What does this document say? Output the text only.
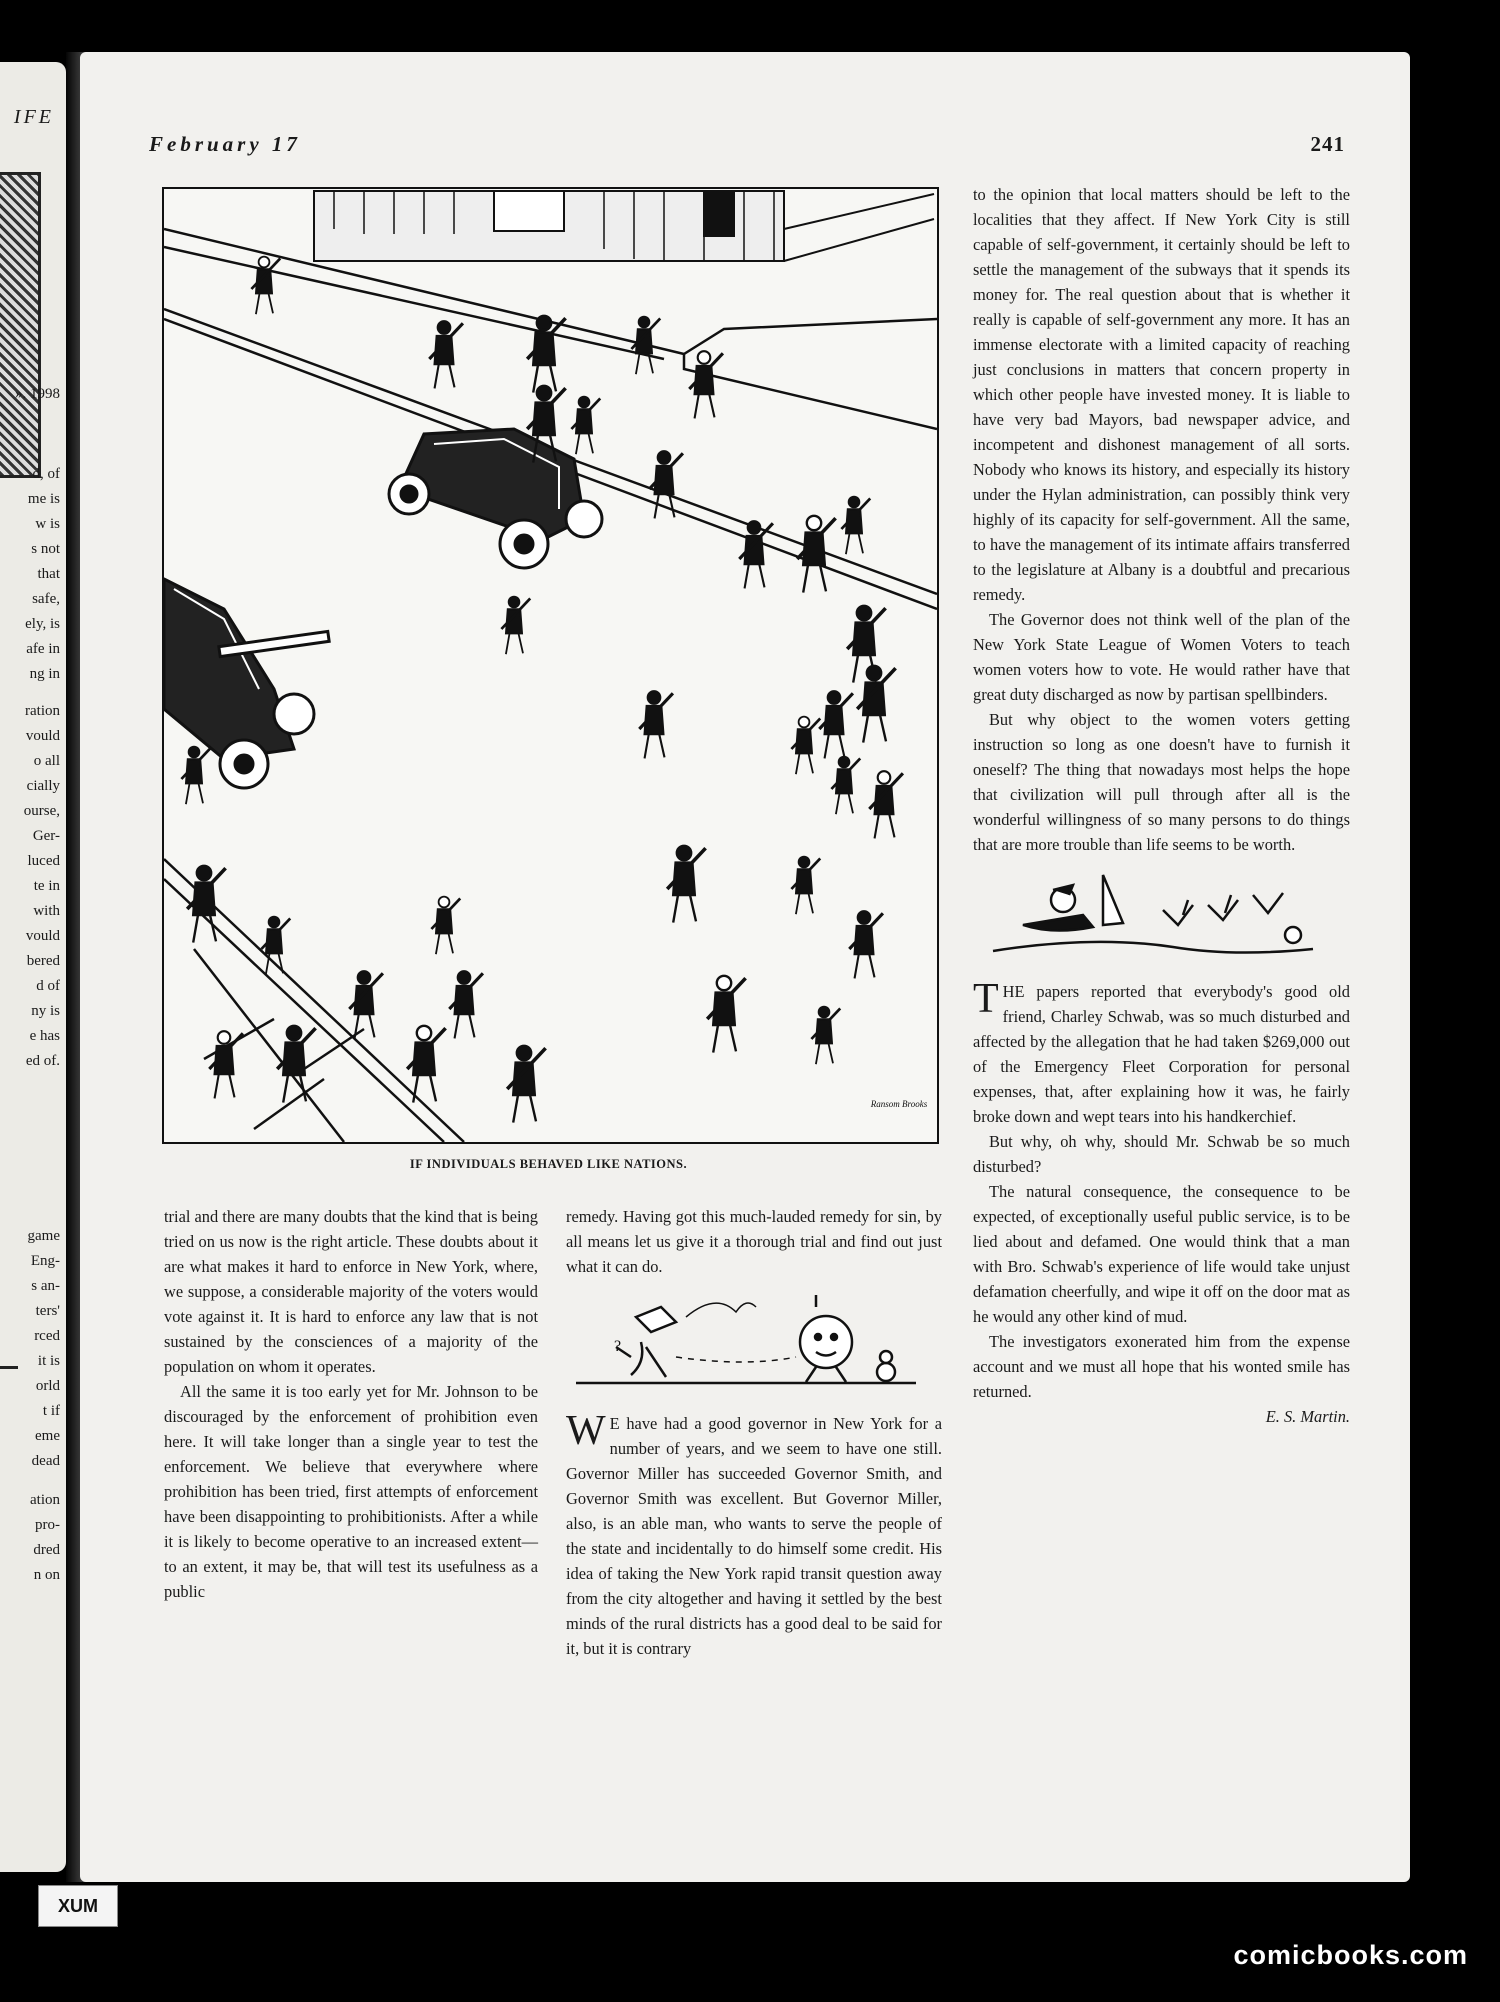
IFE
». 1998
d, of
me is
w is
s not
that
safe,
ely, is
afe in
ng in
ration
vould
o all
cially
ourse,
Ger-
luced
te in
with
vould
bered
d of
ny is
e has
ed of.
game
Eng-
s an-
ters'
rced
it is
orld
t if
eme
dead
ation
pro-
dred
n on
February 17	241
Ransom Brooks
IF INDIVIDUALS BEHAVED LIKE NATIONS.

trial and there are many doubts that the kind that is being tried on us now is the right article. These doubts about it are what makes it hard to enforce in New York, where, we suppose, a considerable majority of the voters would vote against it. It is hard to enforce any law that is not sustained by the consciences of a majority of the population on whom it operates.

All the same it is too early yet for Mr. Johnson to be discouraged by the enforcement of prohibition even here. It will take longer than a single year to test the enforcement. We believe that everywhere where prohibition has been tried, first attempts of enforcement have been disappointing to prohibitionists. After a while it is likely to become operative to an increased extent—to an extent, it may be, that will test its usefulness as a public

remedy. Having got this much-lauded remedy for sin, by all means let us give it a thorough trial and find out just what it can do.

?

W E have had a good governor in New York for a number of years, and we seem to have one still. Governor Miller has succeeded Governor Smith, and Governor Smith was excellent. But Governor Miller, also, is an able man, who wants to serve the people of the state and incidentally to do himself some credit. His idea of taking the New York rapid transit question away from the city altogether and having it settled by the best minds of the rural districts has a good deal to be said for it, but it is contrary

to the opinion that local matters should be left to the localities that they affect. If New York City is still capable of self-government, it certainly should be left to settle the management of the subways that it spends its money for. The real question about that is whether it really is capable of self-government any more. It has an immense electorate with a limited capacity of reaching just conclusions in matters that concern property in which other people have invested money. It is liable to have very bad Mayors, bad newspaper advice, and incompetent and dishonest management of all sorts. Nobody who knows its history, and especially its history under the Hylan administration, can possibly think very highly of its capacity for self-government. All the same, to have the management of its intimate affairs transferred to the legislature at Albany is a doubtful and precarious remedy.

The Governor does not think well of the plan of the New York State League of Women Voters to teach women voters how to vote. He would rather have that great duty discharged as now by partisan spellbinders.

But why object to the women voters getting instruction so long as one doesn't have to furnish it oneself? The thing that nowadays most helps the hope that civilization will pull through after all is the wonderful willingness of so many persons to do things that are more trouble than life seems to be worth.

THE papers reported that everybody's good old friend, Charley Schwab, was so much disturbed and affected by the allegation that he had taken $269,000 out of the Emergency Fleet Corporation for personal expenses, that, after explaining how it was, he fairly broke down and wept tears into his handkerchief.

But why, oh why, should Mr. Schwab be so much disturbed?

The natural consequence, the consequence to be expected, of exceptionally useful public service, is to be lied about and defamed. One would think that a man with Bro. Schwab's experience of life would take unjust defamation cheerfully, and wipe it off on the door mat as he would any other kind of mud.

The investigators exonerated him from the expense account and we must all hope that his wonted smile has returned.

E. S. Martin.

XUM
comicbooks.com
